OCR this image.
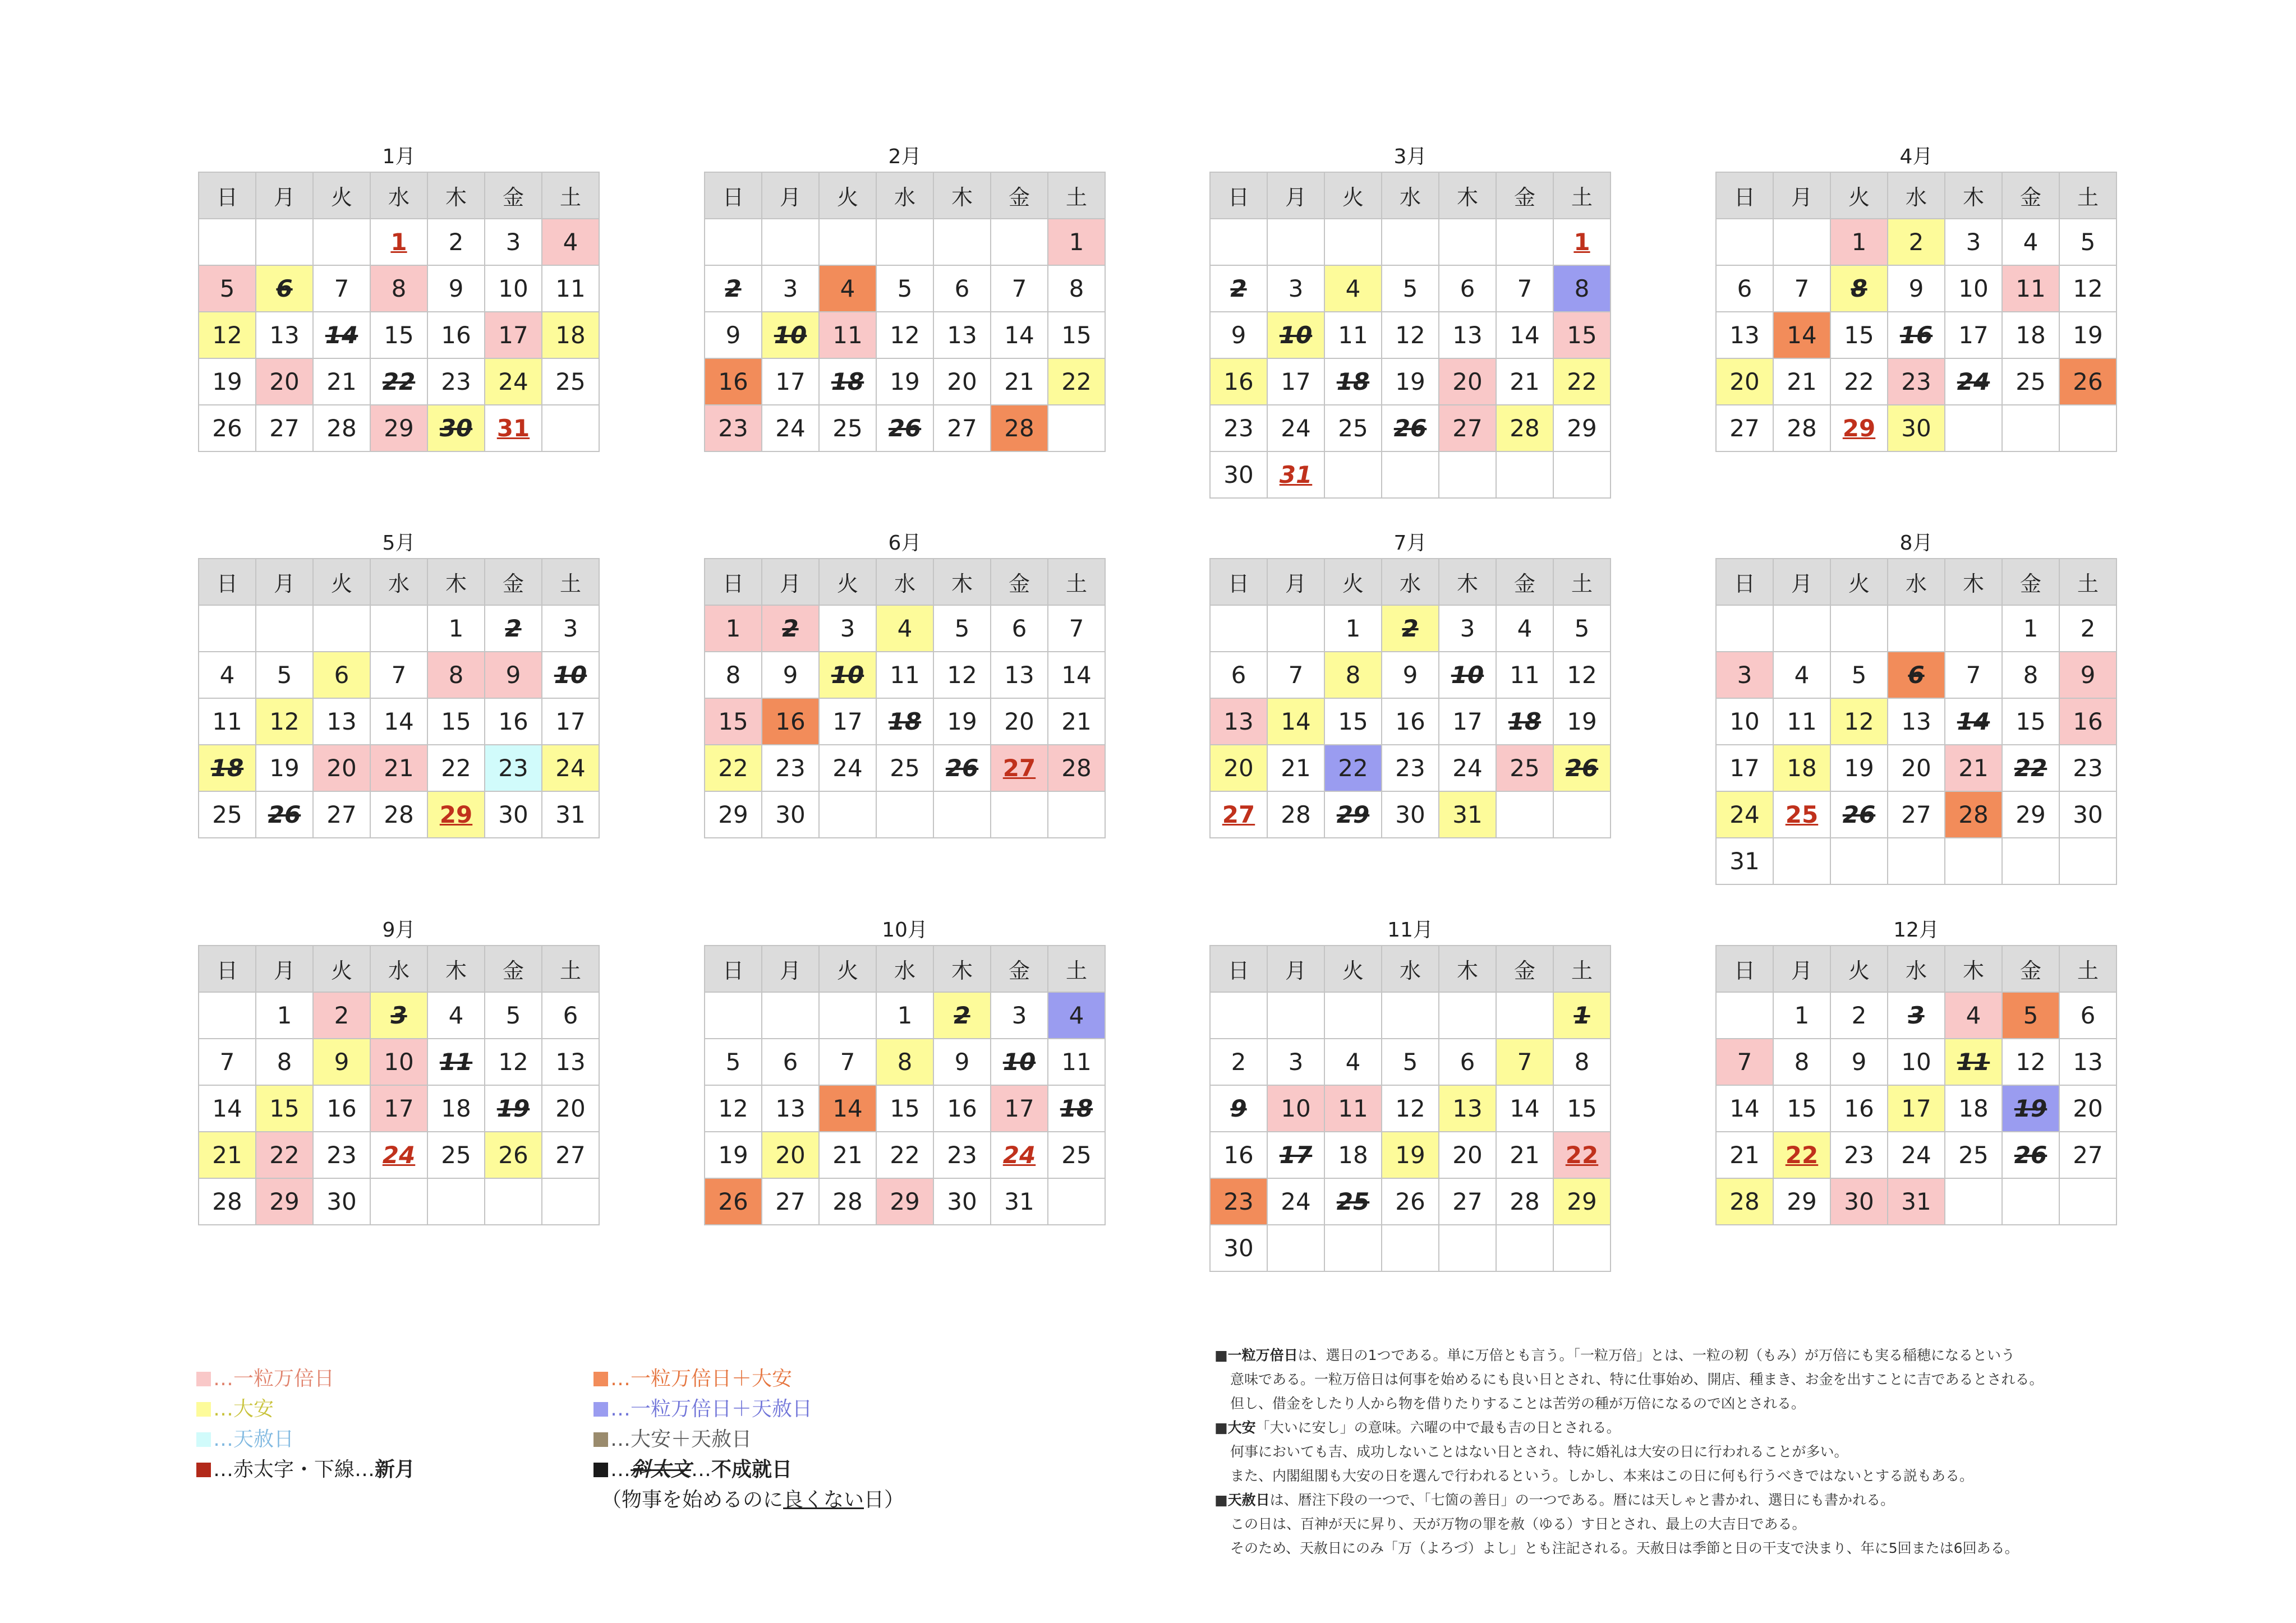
1月
日	月	火	水	木	金	土
			1	2	3	4
5	6	7	8	9	10	11
12	13	14	15	16	17	18
19	20	21	22	23	24	25
26	27	28	29	30	31	
2月
日	月	火	水	木	金	土
						1
2	3	4	5	6	7	8
9	10	11	12	13	14	15
16	17	18	19	20	21	22
23	24	25	26	27	28	
3月
日	月	火	水	木	金	土
						1
2	3	4	5	6	7	8
9	10	11	12	13	14	15
16	17	18	19	20	21	22
23	24	25	26	27	28	29
30	31					
4月
日	月	火	水	木	金	土
		1	2	3	4	5
6	7	8	9	10	11	12
13	14	15	16	17	18	19
20	21	22	23	24	25	26
27	28	29	30			
5月
日	月	火	水	木	金	土
				1	2	3
4	5	6	7	8	9	10
11	12	13	14	15	16	17
18	19	20	21	22	23	24
25	26	27	28	29	30	31
6月
日	月	火	水	木	金	土
1	2	3	4	5	6	7
8	9	10	11	12	13	14
15	16	17	18	19	20	21
22	23	24	25	26	27	28
29	30					
7月
日	月	火	水	木	金	土
		1	2	3	4	5
6	7	8	9	10	11	12
13	14	15	16	17	18	19
20	21	22	23	24	25	26
27	28	29	30	31		
8月
日	月	火	水	木	金	土
					1	2
3	4	5	6	7	8	9
10	11	12	13	14	15	16
17	18	19	20	21	22	23
24	25	26	27	28	29	30
31						
9月
日	月	火	水	木	金	土
	1	2	3	4	5	6
7	8	9	10	11	12	13
14	15	16	17	18	19	20
21	22	23	24	25	26	27
28	29	30				
10月
日	月	火	水	木	金	土
			1	2	3	4
5	6	7	8	9	10	11
12	13	14	15	16	17	18
19	20	21	22	23	24	25
26	27	28	29	30	31	
11月
日	月	火	水	木	金	土
						1
2	3	4	5	6	7	8
9	10	11	12	13	14	15
16	17	18	19	20	21	22
23	24	25	26	27	28	29
30						
12月
日	月	火	水	木	金	土
	1	2	3	4	5	6
7	8	9	10	11	12	13
14	15	16	17	18	19	20
21	22	23	24	25	26	27
28	29	30	31			
…一粒万倍日
…大安
…天赦日
…赤太字・下線…新月
…一粒万倍日＋大安
…一粒万倍日＋天赦日
…大安＋天赦日
…斜太文…不成就日
（物事を始めるのに良くない日）
■一粒万倍日は、選日の1つである。単に万倍とも言う。「一粒万倍」とは、一粒の籾（もみ）が万倍にも実る稲穂になるという
意味である。一粒万倍日は何事を始めるにも良い日とされ、特に仕事始め、開店、種まき、お金を出すことに吉であるとされる。
但し、借金をしたり人から物を借りたりすることは苦労の種が万倍になるので凶とされる。
■大安「大いに安し」の意味。六曜の中で最も吉の日とされる。
何事においても吉、成功しないことはない日とされ、特に婚礼は大安の日に行われることが多い。
また、内閣組閣も大安の日を選んで行われるという。しかし、本来はこの日に何も行うべきではないとする説もある。
■天赦日は、暦注下段の一つで、「七箇の善日」の一つである。暦には天しゃと書かれ、選日にも書かれる。
この日は、百神が天に昇り、天が万物の罪を赦（ゆる）す日とされ、最上の大吉日である。
そのため、天赦日にのみ「万（よろづ）よし」とも注記される。天赦日は季節と日の干支で決まり、年に5回または6回ある。
